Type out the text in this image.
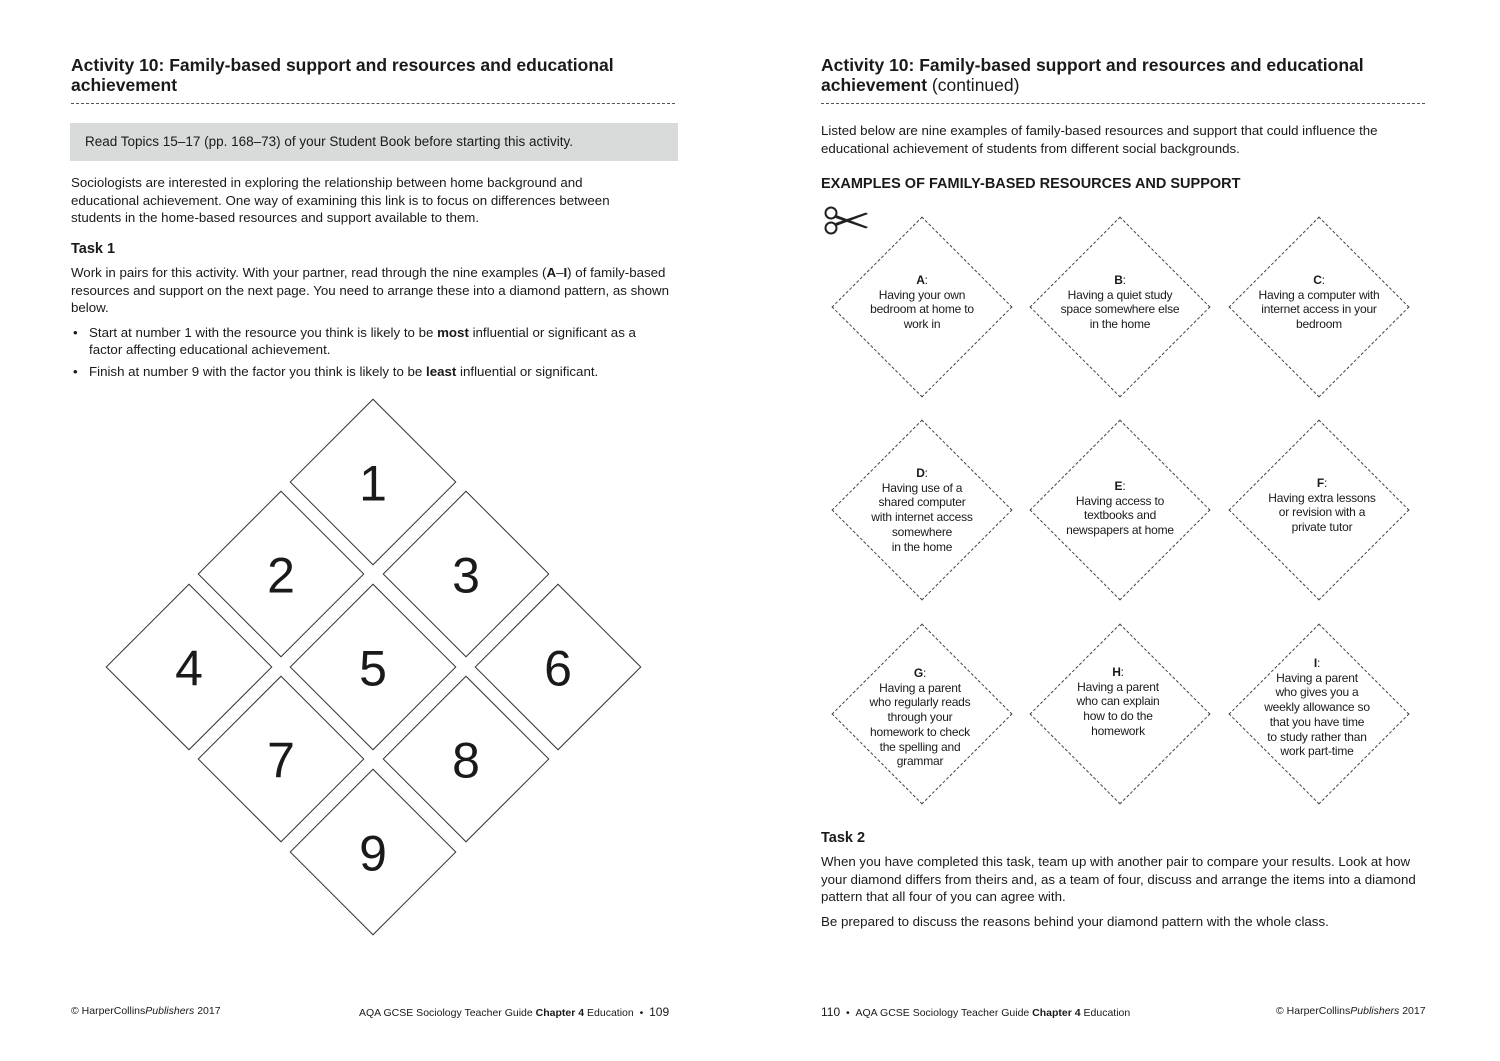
Activity 10: Family-based support and resources and educational achievement
Read Topics 15–17 (pp. 168–73) of your Student Book before starting this activity.

Sociologists are interested in exploring the relationship between home background and educational achievement. One way of examining this link is to focus on differences between students in the home-based resources and support available to them.

Task 1

Work in pairs for this activity. With your partner, read through the nine examples (A–I) of family-based resources and support on the next page. You need to arrange these into a diamond pattern, as shown below.

• Start at number 1 with the resource you think is likely to be most influential or significant as a factor affecting educational achievement.
• Finish at number 9 with the factor you think is likely to be least influential or significant.
1
2	3
4	5	6
7	8
9
© HarperCollinsPublishers 2017	AQA GCSE Sociology Teacher Guide Chapter 4 Education • 109
Activity 10: Family-based support and resources and educational achievement (continued)

Listed below are nine examples of family-based resources and support that could influence the educational achievement of students from different social backgrounds.

EXAMPLES OF FAMILY-BASED RESOURCES AND SUPPORT
A:
Having your own
bedroom at home to
work in
B:
Having a quiet study
space somewhere else
in the home
C:
Having a computer with
internet access in your
bedroom
D:
Having use of a
shared computer
with internet access
somewhere
in the home
E:
Having access to
textbooks and
newspapers at home
F:
Having extra lessons
or revision with a
private tutor
G:
Having a parent
who regularly reads
through your
homework to check
the spelling and
grammar
H:
Having a parent
who can explain
how to do the
homework
I:
Having a parent
who gives you a
weekly allowance so
that you have time
to study rather than
work part-time
Task 2

When you have completed this task, team up with another pair to compare your results. Look at how your diamond differs from theirs and, as a team of four, discuss and arrange the items into a diamond pattern that all four of you can agree with.

Be prepared to discuss the reasons behind your diamond pattern with the whole class.

110 • AQA GCSE Sociology Teacher Guide Chapter 4 Education	© HarperCollinsPublishers 2017
